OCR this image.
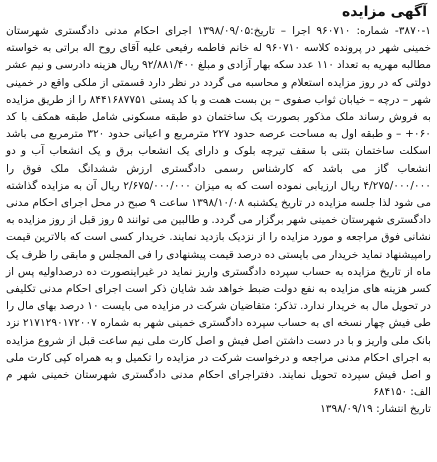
آگهی مزایده
۳۸۷۰-۱- شماره: ۹۶۰۷۱۰ اجرا – تاریخ:۱۳۹۸/۰۹/۰۵ اجرای احکام مدنی دادگستری شهرستان خمینی شهر در پرونده کلاسه ۹۶۰۷۱۰ له خانم فاطمه رفیعی علیه آقای روح اله براتی به خواسته مطالبه مهریه به تعداد ۱۱۰ عدد سکه بهار آزادی و مبلغ ۹۲/۸۸۱/۴۰۰ ریال هزینه دادرسی و نیم عشر دولتی که در روز مزایده استعلام و محاسبه می گردد در نظر دارد قسمتی از ملکی واقع در خمینی شهر – درچه – خیابان ثواب صفوی – بن بست همت و با کد پستی ۸۴۴۱۶۸۷۷۵۱ را از طریق مزایده به فروش رساند ملک مذکور بصورت یک ساختمان دو طبقه مسکونی شامل طبقه همکف با کد ۰۶۰+ – و طبقه اول به مساحت عرصه حدود ۲۲۷ مترمربع و اعیانی حدود ۳۲۰ مترمربع می باشد اسکلت ساختمان بتنی با سقف تیرچه بلوک و دارای یک انشعاب برق و یک انشعاب آب و دو انشعاب گاز می باشد که کارشناس رسمی دادگستری ارزش ششدانگ ملک فوق را ۴/۲۷۵/۰۰۰/۰۰۰ ریال ارزیابی نموده است که به میزان ۲/۶۷۵/۰۰۰/۰۰۰ ریال آن به مزایده گذاشته می شود لذا جلسه مزایده در تاریخ یکشنبه ۱۳۹۸/۱۰/۰۸ ساعت ۹ صبح در محل اجرای احکام مدنی دادگستری شهرستان خمینی شهر برگزار می گردد. و طالبین می توانند ۵ روز قبل از روز مزایده به نشانی فوق مراجعه و مورد مزایده را از نزدیک بازدید نمایند. خریدار کسی است که بالاترین قیمت رامپیشنهاد نماید خریدار می بایستی ده درصد قیمت پیشنهادی را فی المجلس و مابقی را ظرف یک ماه از تاریخ مزایده به حساب سپرده دادگستری واریز نماید در غیراینصورت ده درصداولیه پس از کسر هزینه های مزایده به نفع دولت ضبط خواهد شد شایان ذکر است اجرای احکام مدنی تکلیفی در تحویل مال به خریدار ندارد. تذکر: متقاضیان شرکت در مزایده می بایست ۱۰ درصد بهای مال را طی فیش چهار نسخه ای به حساب سپرده دادگستری خمینی شهر به شماره ۲۱۷۱۲۹۰۱۷۲۰۰۷ نزد بانک ملی واریز و با در دست داشتن اصل فیش و اصل کارت ملی نیم ساعت قبل از شروع مزایده به اجرای احکام مدنی مراجعه و درخواست شرکت در مزایده را تکمیل و به همراه کپی کارت ملی و اصل فیش سپرده تحویل نمایند. دفتراجرای احکام مدنی دادگستری شهرستان خمینی شهر م الف: ۶۸۴۱۵۰
تاریخ انتشار: ۱۳۹۸/۰۹/۱۹
